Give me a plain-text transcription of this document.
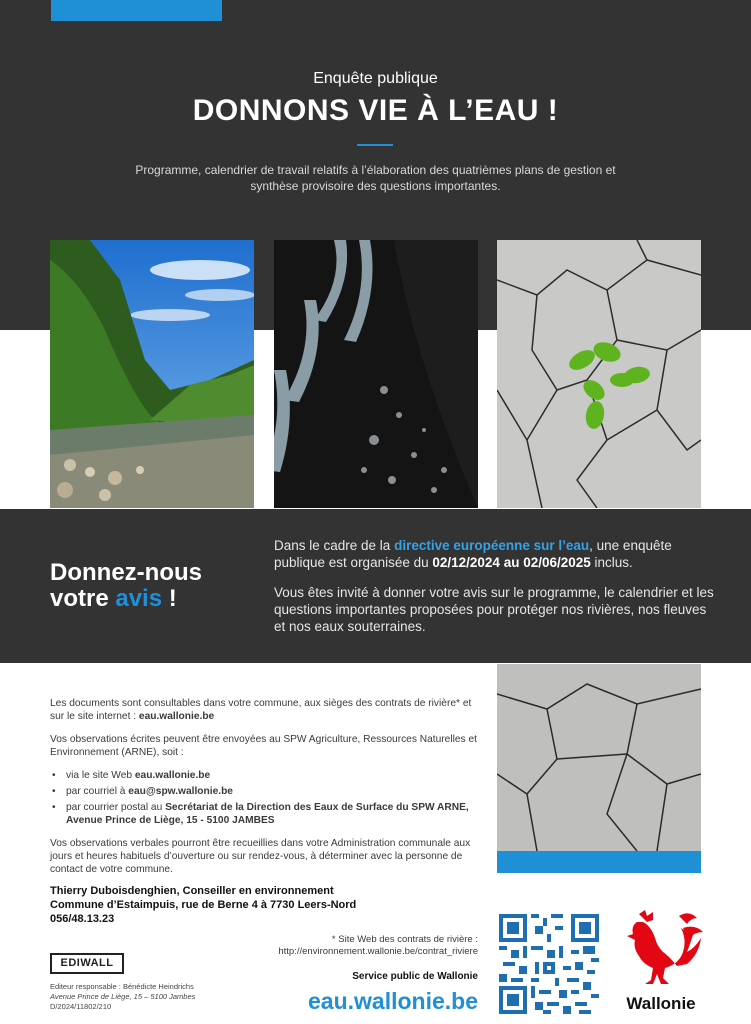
Enquête publique
DONNONS VIE À L’EAU !
Programme, calendrier de travail relatifs à l’élaboration des quatrièmes plans de gestion et synthèse provisoire des questions importantes.
Donnez-nous
votre avis !

Dans le cadre de la directive européenne sur l’eau, une enquête publique est organisée du 02/12/2024 au 02/06/2025 inclus.

Vous êtes invité à donner votre avis sur le programme, le calendrier et les questions importantes proposées pour protéger nos rivières, nos fleuves et nos eaux souterraines.

Les documents sont consultables dans votre commune, aux sièges des contrats de rivière* et sur le site internet : eau.wallonie.be

Vos observations écrites peuvent être envoyées au SPW Agriculture, Ressources Naturelles et Environnement (ARNE), soit :

• via le site Web eau.wallonie.be
• par courriel à eau@spw.wallonie.be
• par courrier postal au Secrétariat de la Direction des Eaux de Surface du SPW ARNE, Avenue Prince de Liège, 15 - 5100 JAMBES

Vos observations verbales pourront être recueillies dans votre Administration communale aux jours et heures habituels d’ouverture ou sur rendez-vous, à déterminer avec la personne de contact de votre commune.

Thierry Duboisdenghien, Conseiller en environnement
Commune d’Estaimpuis, rue de Berne 4 à 7730 Leers-Nord
056/48.13.23
* Site Web des contrats de rivière :
http://environnement.wallonie.be/contrat_riviere
Service public de Wallonie
eau.wallonie.be
EDIWALL
Editeur responsable : Bénédicte Heindrichs
Avenue Prince de Liège, 15 – 5100 Jambes
D/2024/11802/210	Wallonie
